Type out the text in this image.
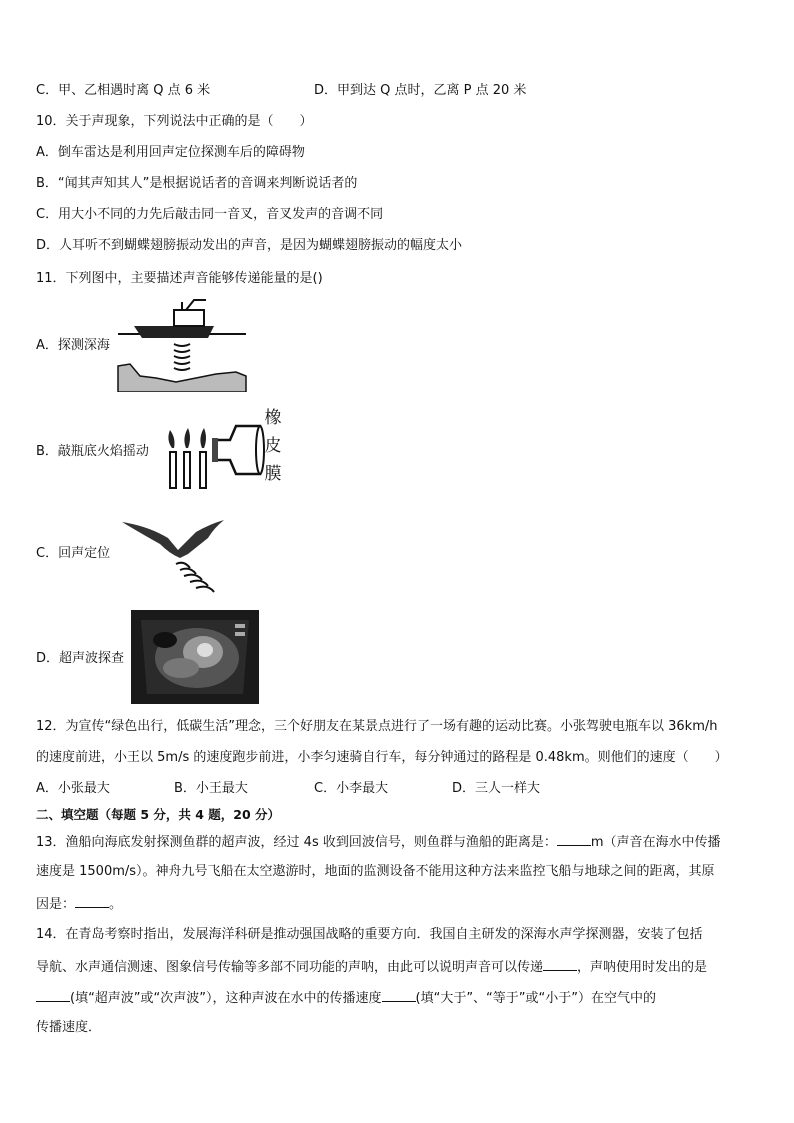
C．甲、乙相遇时离 Q 点 6 米	D．甲到达 Q 点时，乙离 P 点 20 米
10．关于声现象，下列说法中正确的是（　　）
A．倒车雷达是利用回声定位探测车后的障碍物
B．“闻其声知其人”是根据说话者的音调来判断说话者的
C．用大小不同的力先后敲击同一音叉，音叉发声的音调不同
D．人耳听不到蝴蝶翅膀振动发出的声音，是因为蝴蝶翅膀振动的幅度太小
11．下列图中，主要描述声音能够传递能量的是()
A．探测深海
B．敲瓶底火焰摇动
橡
皮
膜
C．回声定位
D．超声波探查
12．为宣传“绿色出行，低碳生活”理念，三个好朋友在某景点进行了一场有趣的运动比赛。小张驾驶电瓶车以 36km/h
的速度前进，小王以 5m/s 的速度跑步前进，小李匀速骑自行车，每分钟通过的路程是 0.48km。则他们的速度（　　）
A．小张最大	B．小王最大	C．小李最大	D．三人一样大
二、填空题（每题 5 分，共 4 题，20 分）
13．渔船向海底发射探测鱼群的超声波，经过 4s 收到回波信号，则鱼群与渔船的距离是：	m（声音在海水中传播
速度是 1500m/s）。神舟九号飞船在太空遨游时，地面的监测设备不能用这种方法来监控飞船与地球之间的距离，其原
因是：	。
14．在青岛考察时指出，发展海洋科研是推动强国战略的重要方向．我国自主研发的深海水声学探测器，安装了包括
导航、水声通信测速、图象信号传输等多部不同功能的声呐，由此可以说明声音可以传递	，声呐使用时发出的是
(填“超声波”或“次声波”），这种声波在水中的传播速度	(填“大于”、“等于”或“小于”）在空气中的
传播速度．
